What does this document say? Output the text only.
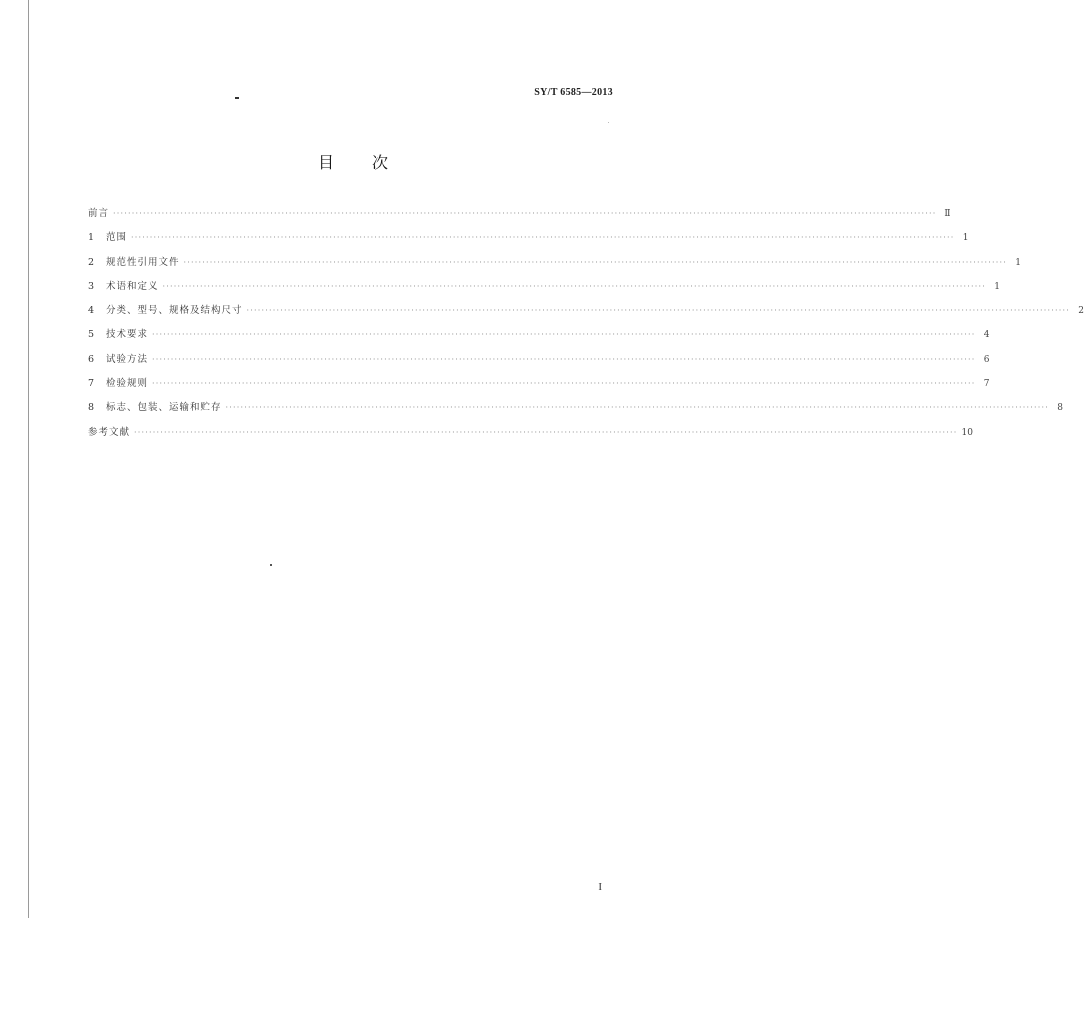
SY/T 6585—2013
目次
前言 ···························································································································································································································· Ⅱ
1	范围 ···························································································································································································································· 1
2	规范性引用文件 ···························································································································································································································· 1
3	术语和定义 ···························································································································································································································· 1
4	分类、型号、规格及结构尺寸 ···························································································································································································································· 2
5	技术要求 ···························································································································································································································· 4
6	试验方法 ···························································································································································································································· 6
7	检验规则 ···························································································································································································································· 7
8	标志、包装、运输和贮存 ···························································································································································································································· 8
参考文献 ···························································································································································································································· 10
I
